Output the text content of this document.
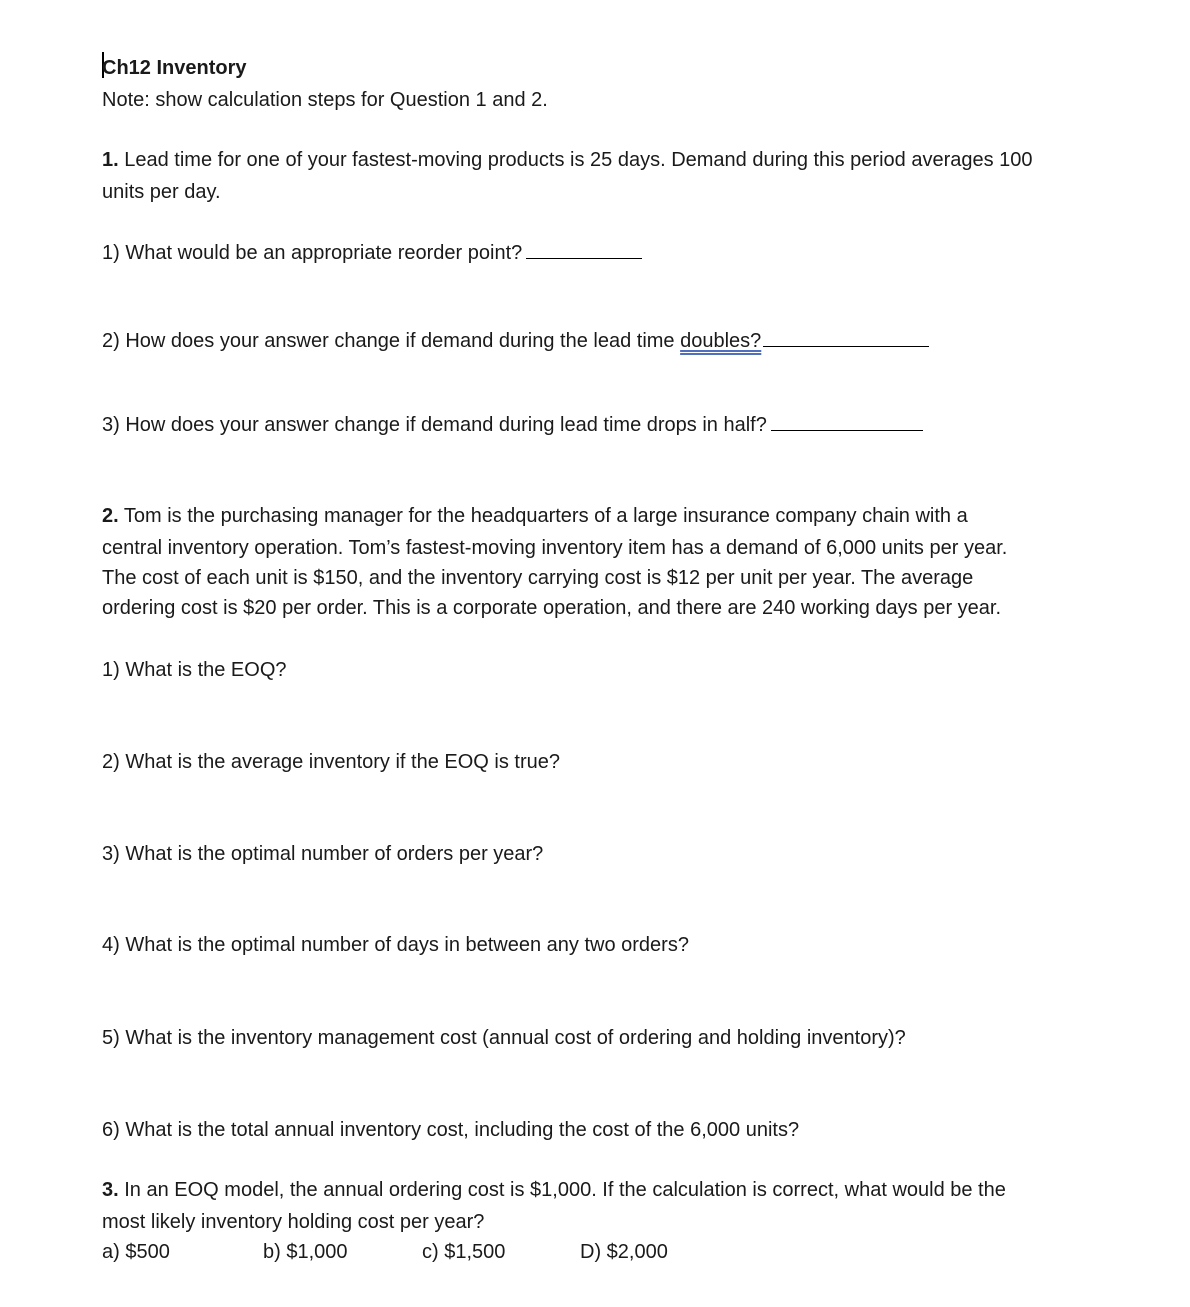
Ch12 Inventory

Note: show calculation steps for Question 1 and 2.

1. Lead time for one of your fastest-moving products is 25 days. Demand during this period averages 100

units per day.

1) What would be an appropriate reorder point?

2) How does your answer change if demand during the lead time doubles?

3) How does your answer change if demand during lead time drops in half?

2. Tom is the purchasing manager for the headquarters of a large insurance company chain with a

central inventory operation. Tom’s fastest-moving inventory item has a demand of 6,000 units per year.

The cost of each unit is $150, and the inventory carrying cost is $12 per unit per year. The average

ordering cost is $20 per order. This is a corporate operation, and there are 240 working days per year.

1) What is the EOQ?

2) What is the average inventory if the EOQ is true?

3) What is the optimal number of orders per year?

4) What is the optimal number of days in between any two orders?

5) What is the inventory management cost (annual cost of ordering and holding inventory)?

6) What is the total annual inventory cost, including the cost of the 6,000 units?

3. In an EOQ model, the annual ordering cost is $1,000. If the calculation is correct, what would be the

most likely inventory holding cost per year?

a) $500	b) $1,000	c) $1,500	D) $2,000
